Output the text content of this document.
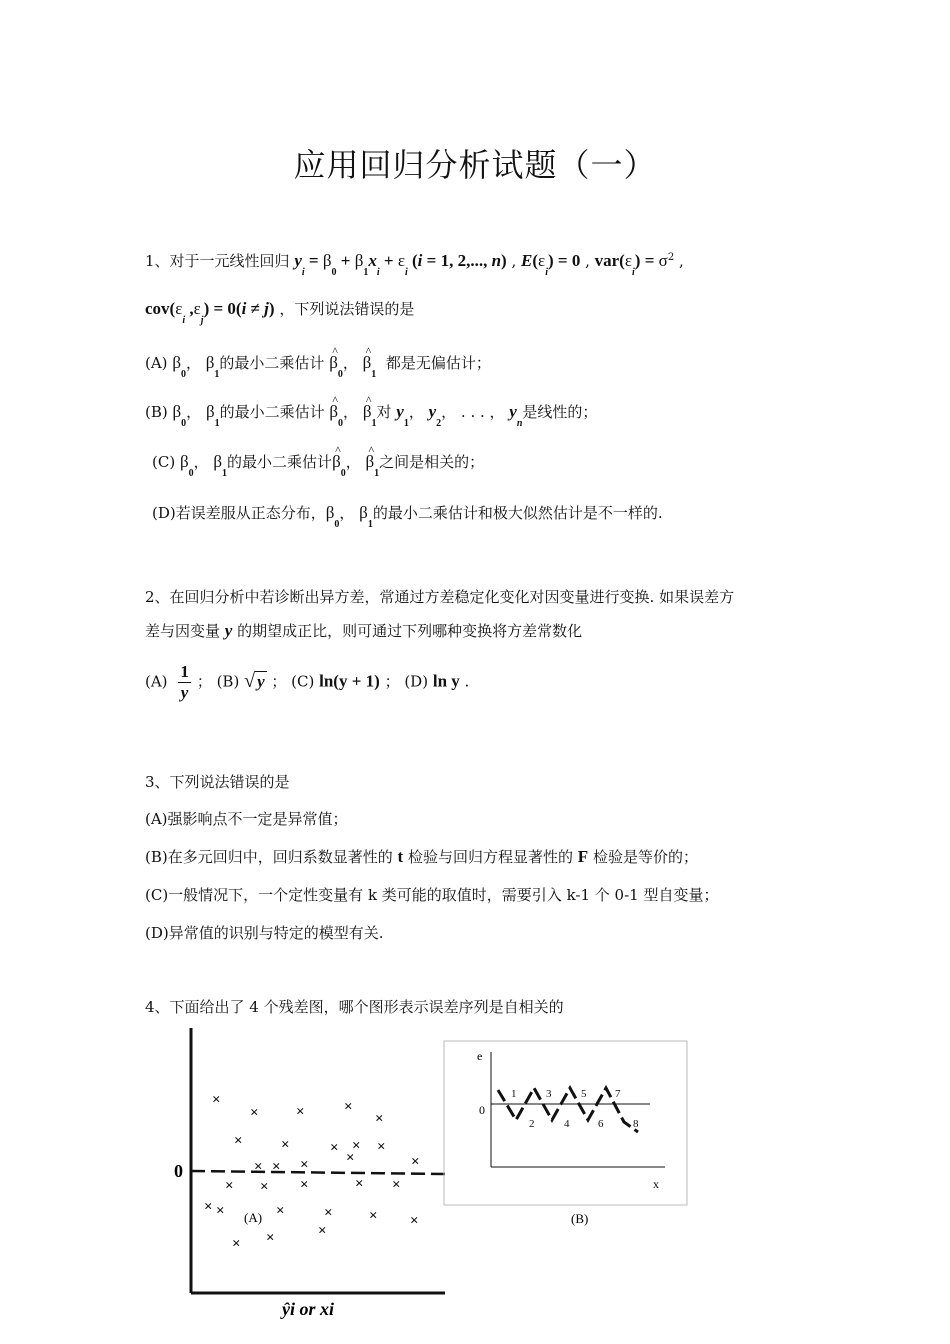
应用回归分析试题（一）
1、对于一元线性回归 $y_i = \beta_0 + \beta_1x_i + \varepsilon_i$ (i = 1, 2,..., n) , $E(\varepsilon_i) = 0$ , $var(\varepsilon_i) = \sigma^2$ ,
$cov(\varepsilon_i$ $,\varepsilon_j) = 0(i \ne j)$ ，下列说法错误的是
(A) $\beta_0$， $\beta_1$的最小二乘估计 ^ $\beta_0$， ^ $\beta_1$  都是无偏估计；
(B) $\beta_0$， $\beta_1$的最小二乘估计 ^ $\beta_0$， ^ $\beta_1$对 $y_1$， $y_2$， . . . ， $y_n$是线性的；
(C) $\beta_0$， $\beta_1$的最小二乘估计^ $\beta_0$， ^ $\beta_1$之间是相关的；
(D)若误差服从正态分布，$\beta_0$， $\beta_1$的最小二乘估计和极大似然估计是不一样的.
2、在回归分析中若诊断出异方差，常通过方差稳定化变化对因变量进行变换. 如果误差方
差与因变量 y 的期望成正比，则可通过下列哪种变换将方差常数化
$(A) \frac{1}{y}$ ； (B) √ y ； (C) ln(y + 1) ； (D) ln y .
3、下列说法错误的是
(A)强影响点不一定是异常值；
(B)在多元回归中，回归系数显著性的 t 检验与回归方程显著性的 F 检验是等价的；
(C)一般情况下，一个定性变量有 k 类可能的取值时，需要引入 k-1 个 0-1 型自变量；
(D)异常值的识别与特定的模型有关.
4、下面给出了 4 个残差图，哪个图形表示误差序列是自相关的
0
(A)
ŷi or xi
×
× ×	×
×
×	×	× × ×
×
× × ×	×
× × ×	× ×
× ×	×	× × ×
×
×
×
e
0
x
(B)
1
2
3
4
5
6
7
8
